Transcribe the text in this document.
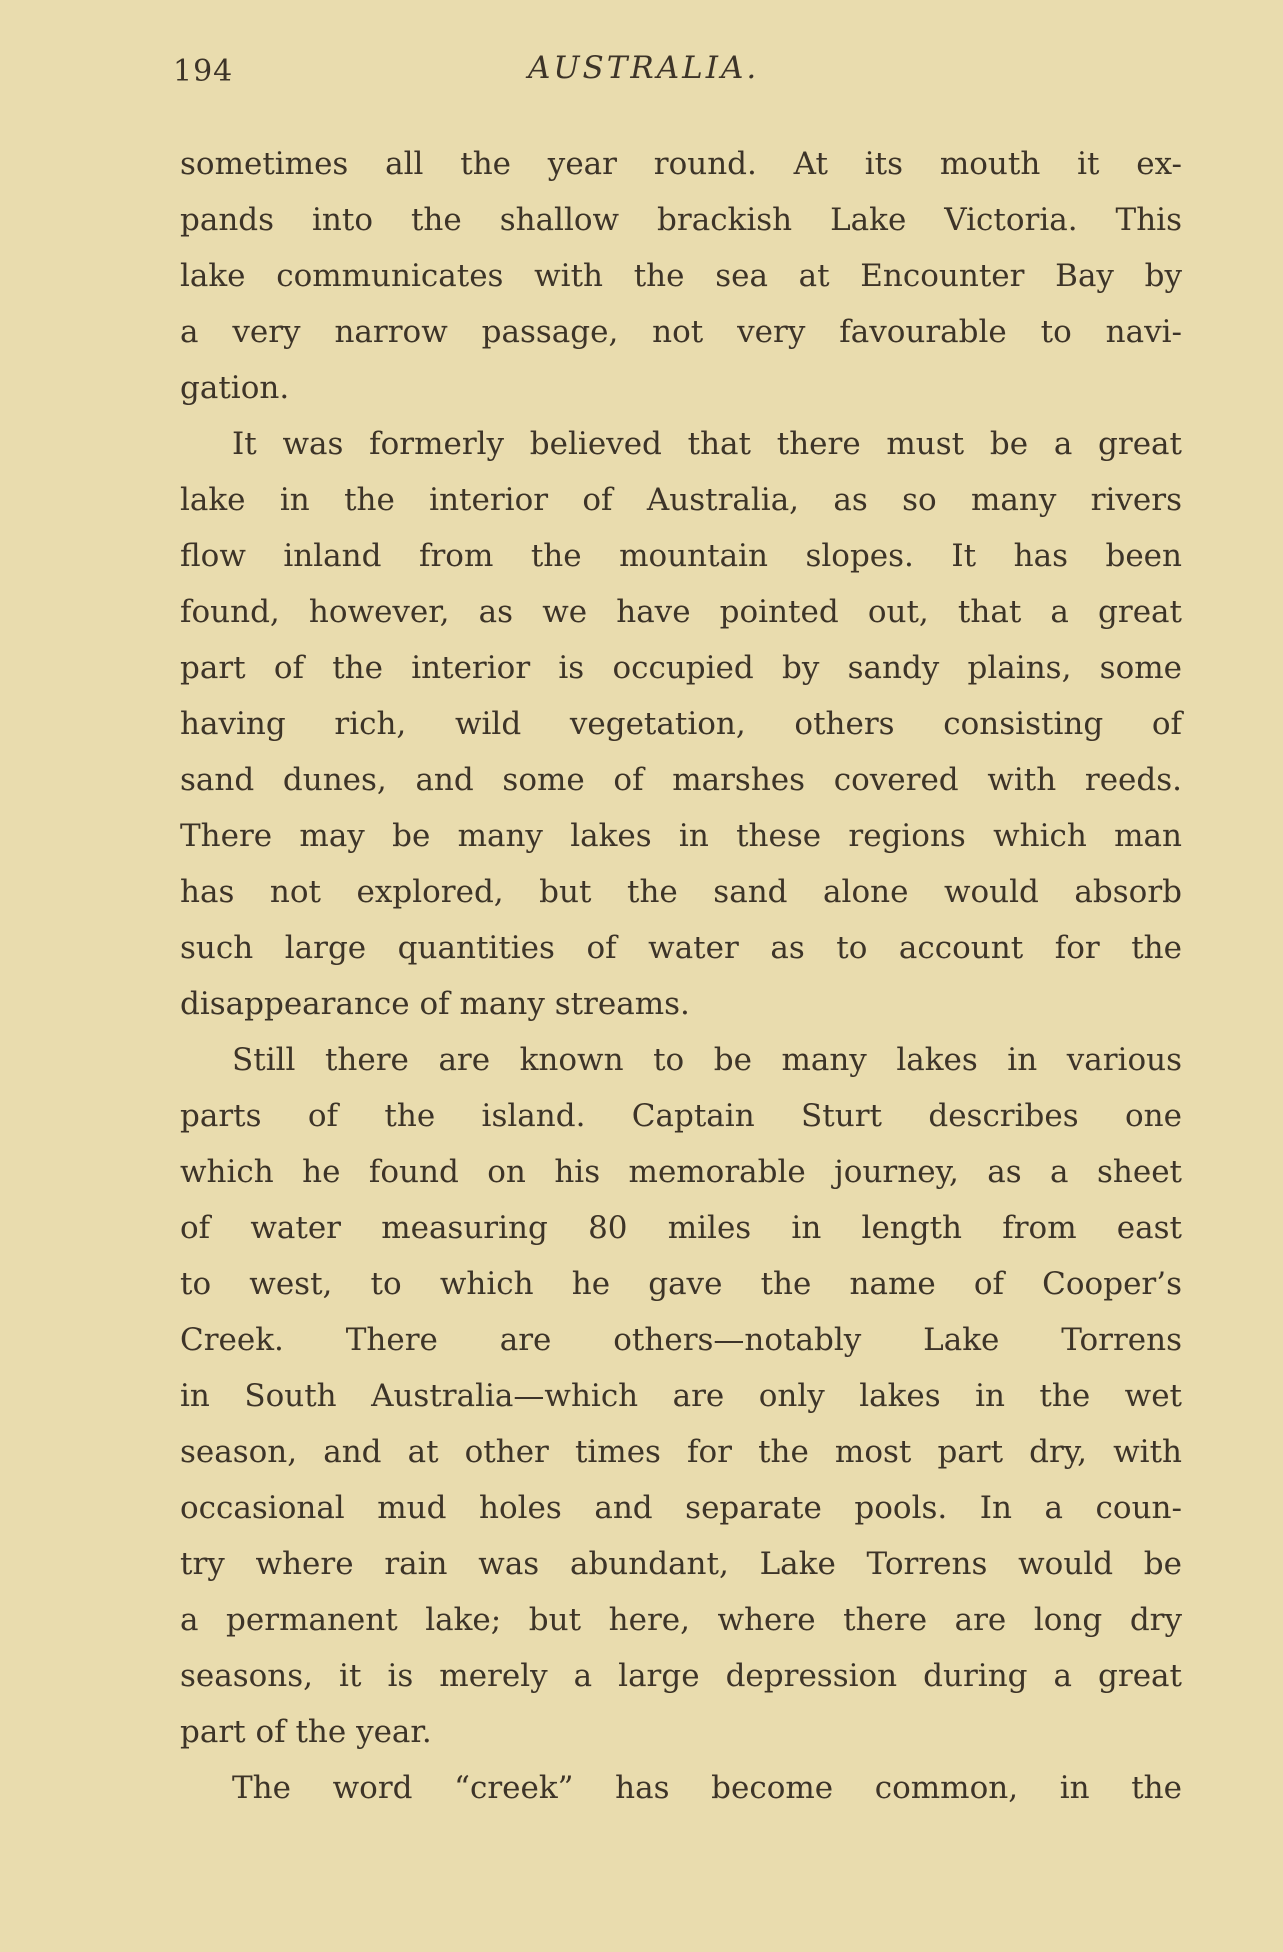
194	AUSTRALIA.
sometimes all the year round. At its mouth it ex-
pands into the shallow brackish Lake Victoria. This
lake communicates with the sea at Encounter Bay by
a very narrow passage, not very favourable to navi-
gation.
It was formerly believed that there must be a great
lake in the interior of Australia, as so many rivers
flow inland from the mountain slopes. It has been
found, however, as we have pointed out, that a great
part of the interior is occupied by sandy plains, some
having rich, wild vegetation, others consisting of
sand dunes, and some of marshes covered with reeds.
There may be many lakes in these regions which man
has not explored, but the sand alone would absorb
such large quantities of water as to account for the
disappearance of many streams.
Still there are known to be many lakes in various
parts of the island. Captain Sturt describes one
which he found on his memorable journey, as a sheet
of water measuring 80 miles in length from east
to west, to which he gave the name of Cooper’s
Creek. There are others—notably Lake Torrens
in South Australia—which are only lakes in the wet
season, and at other times for the most part dry, with
occasional mud holes and separate pools. In a coun-
try where rain was abundant, Lake Torrens would be
a permanent lake; but here, where there are long dry
seasons, it is merely a large depression during a great
part of the year.
The word “creek” has become common, in the
